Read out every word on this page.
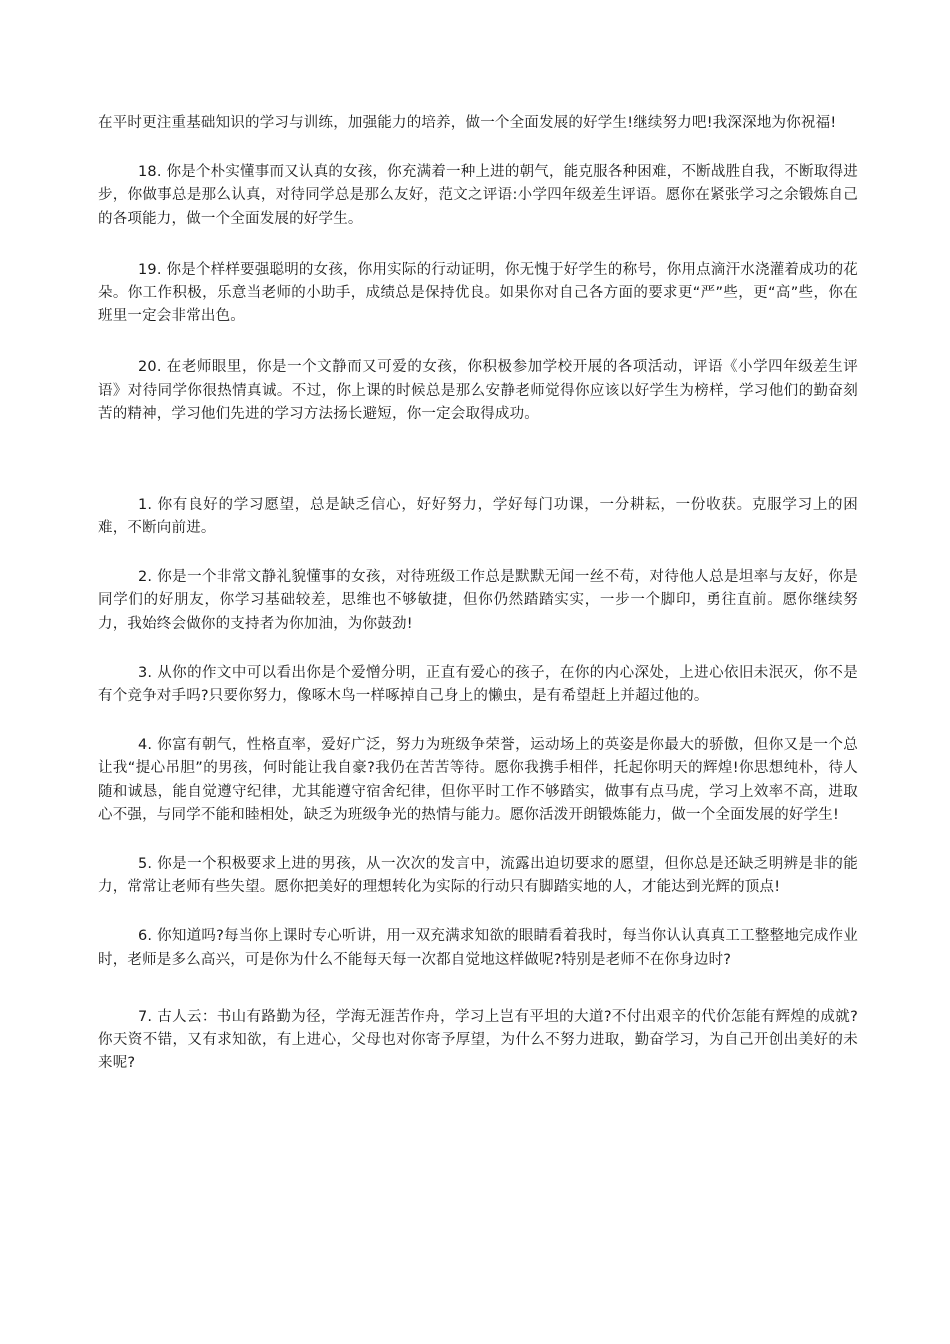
在平时更注重基础知识的学习与训练，加强能力的培养，做一个全面发展的好学生!继续努力吧!我深深地为你祝福!

18. 你是个朴实懂事而又认真的女孩，你充满着一种上进的朝气，能克服各种困难，不断战胜自我，不断取得进步，你做事总是那么认真，对待同学总是那么友好，范文之评语:小学四年级差生评语。愿你在紧张学习之余锻炼自己的各项能力，做一个全面发展的好学生。

19. 你是个样样要强聪明的女孩，你用实际的行动证明，你无愧于好学生的称号，你用点滴汗水浇灌着成功的花朵。你工作积极，乐意当老师的小助手，成绩总是保持优良。如果你对自己各方面的要求更“严”些，更“高”些，你在班里一定会非常出色。

20. 在老师眼里，你是一个文静而又可爱的女孩，你积极参加学校开展的各项活动，评语《小学四年级差生评语》对待同学你很热情真诚。不过，你上课的时候总是那么安静老师觉得你应该以好学生为榜样，学习他们的勤奋刻苦的精神，学习他们先进的学习方法扬长避短，你一定会取得成功。

1. 你有良好的学习愿望，总是缺乏信心，好好努力，学好每门功课，一分耕耘，一份收获。克服学习上的困难，不断向前进。

2. 你是一个非常文静礼貌懂事的女孩，对待班级工作总是默默无闻一丝不苟，对待他人总是坦率与友好，你是同学们的好朋友，你学习基础较差，思维也不够敏捷，但你仍然踏踏实实，一步一个脚印，勇往直前。愿你继续努力，我始终会做你的支持者为你加油，为你鼓劲!

3. 从你的作文中可以看出你是个爱憎分明，正直有爱心的孩子，在你的内心深处，上进心依旧未泯灭，你不是有个竞争对手吗?只要你努力，像啄木鸟一样啄掉自己身上的懒虫，是有希望赶上并超过他的。

4. 你富有朝气，性格直率，爱好广泛，努力为班级争荣誉，运动场上的英姿是你最大的骄傲，但你又是一个总让我“提心吊胆”的男孩，何时能让我自豪?我仍在苦苦等待。愿你我携手相伴，托起你明天的辉煌!你思想纯朴，待人随和诚恳，能自觉遵守纪律，尤其能遵守宿舍纪律，但你平时工作不够踏实，做事有点马虎，学习上效率不高，进取心不强，与同学不能和睦相处，缺乏为班级争光的热情与能力。愿你活泼开朗锻炼能力，做一个全面发展的好学生!

5. 你是一个积极要求上进的男孩，从一次次的发言中，流露出迫切要求的愿望，但你总是还缺乏明辨是非的能力，常常让老师有些失望。愿你把美好的理想转化为实际的行动只有脚踏实地的人，才能达到光辉的顶点!

6. 你知道吗?每当你上课时专心听讲，用一双充满求知欲的眼睛看着我时，每当你认认真真工工整整地完成作业时，老师是多么高兴，可是你为什么不能每天每一次都自觉地这样做呢?特别是老师不在你身边时?

7. 古人云：书山有路勤为径，学海无涯苦作舟，学习上岂有平坦的大道?不付出艰辛的代价怎能有辉煌的成就?你天资不错，又有求知欲，有上进心，父母也对你寄予厚望，为什么不努力进取，勤奋学习，为自己开创出美好的未来呢?
